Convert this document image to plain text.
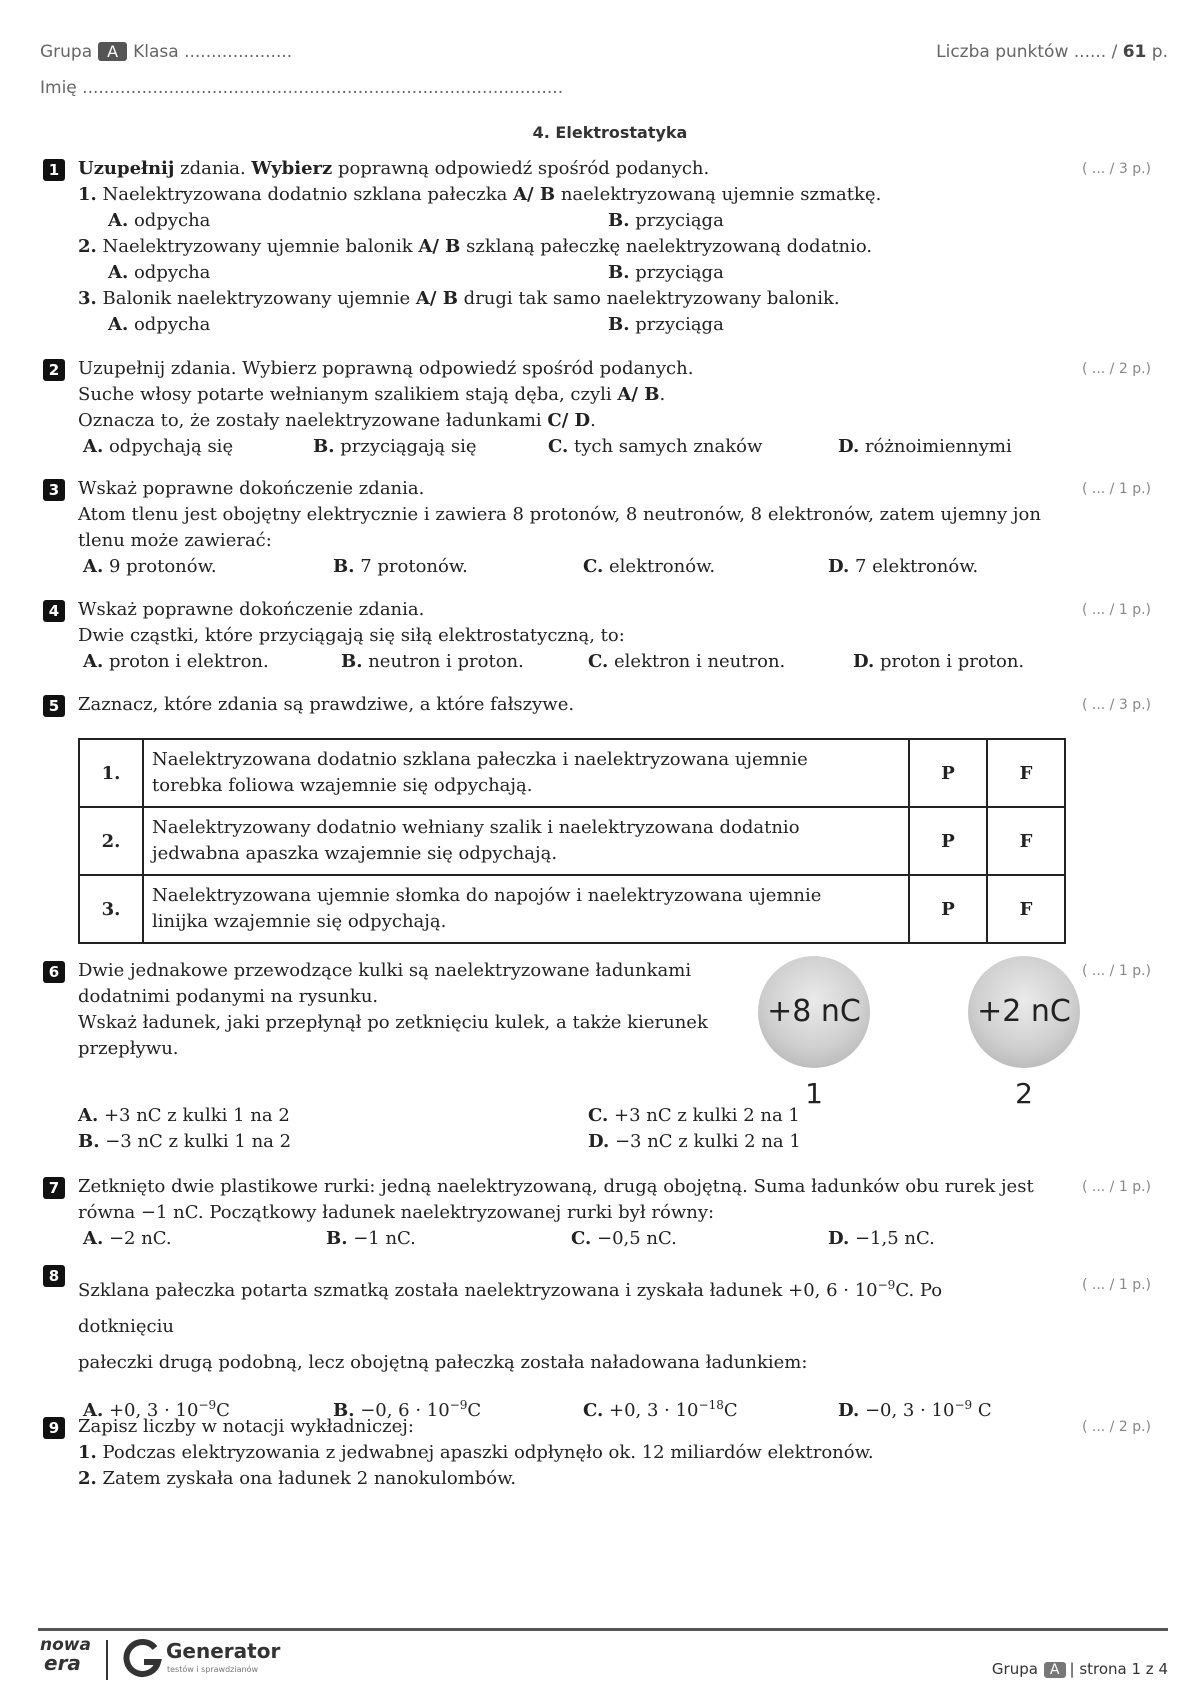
Grupa A Klasa ....................	Liczba punktów ...... / 61 p.
Imię .........................................................................................
4. Elektrostatyka
1	( ... / 3 p.)
Uzupełnij zdania. Wybierz poprawną odpowiedź spośród podanych.
1. Naelektryzowana dodatnio szklana pałeczka A/ B naelektryzowaną ujemnie szmatkę.
A. odpycha	B. przyciąga
2. Naelektryzowany ujemnie balonik A/ B szklaną pałeczkę naelektryzowaną dodatnio.
A. odpycha	B. przyciąga
3. Balonik naelektryzowany ujemnie A/ B drugi tak samo naelektryzowany balonik.
A. odpycha	B. przyciąga
2	( ... / 2 p.)
Uzupełnij zdania. Wybierz poprawną odpowiedź spośród podanych.
Suche włosy potarte wełnianym szalikiem stają dęba, czyli A/ B.
Oznacza to, że zostały naelektryzowane ładunkami C/ D.
A. odpychają się	B. przyciągają się	C. tych samych znaków	D. różnoimiennymi
3	( ... / 1 p.)
Wskaż poprawne dokończenie zdania.
Atom tlenu jest obojętny elektrycznie i zawiera 8 protonów, 8 neutronów, 8 elektronów, zatem ujemny jon
tlenu może zawierać:
A. 9 protonów.	B. 7 protonów.	C. elektronów.	D. 7 elektronów.
4	( ... / 1 p.)
Wskaż poprawne dokończenie zdania.
Dwie cząstki, które przyciągają się siłą elektrostatyczną, to:
A. proton i elektron.	B. neutron i proton.	C. elektron i neutron.	D. proton i proton.
5	( ... / 3 p.)
Zaznacz, które zdania są prawdziwe, a które fałszywe.
1.	Naelektryzowana dodatnio szklana pałeczka i naelektryzowana ujemnie
torebka foliowa wzajemnie się odpychają.	P	F
2.	Naelektryzowany dodatnio wełniany szalik i naelektryzowana dodatnio
jedwabna apaszka wzajemnie się odpychają.	P	F
3.	Naelektryzowana ujemnie słomka do napojów i naelektryzowana ujemnie
linijka wzajemnie się odpychają.	P	F
6	( ... / 1 p.)
Dwie jednakowe przewodzące kulki są naelektryzowane ładunkami
dodatnimi podanymi na rysunku.
Wskaż ładunek, jaki przepłynął po zetknięciu kulek, a także kierunek
przepływu.
+8 nC
1
+2 nC
2
A. +3 nC z kulki 1 na 2	C. +3 nC z kulki 2 na 1
B. −3 nC z kulki 1 na 2	D. −3 nC z kulki 2 na 1
7	( ... / 1 p.)
Zetknięto dwie plastikowe rurki: jedną naelektryzowaną, drugą obojętną. Suma ładunków obu rurek jest
równa −1 nC. Początkowy ładunek naelektryzowanej rurki był równy:
A. −2 nC.	B. −1 nC.	C. −0,5 nC.	D. −1,5 nC.
8	( ... / 1 p.)
Szklana pałeczka potarta szmatką została naelektryzowana i zyskała ładunek +0, $6 \cdot 10^{-9}C$. Po dotknięciu
pałeczki drugą podobną, lecz obojętną pałeczką została naładowana ładunkiem:
A. +0, $3 \cdot 10^{-9}C$	B. −0, $6 \cdot 10^{-9}C$	C. +0, $3 \cdot 10^{-18}C$	D. −0, $3 \cdot 10^{-9}$ C
9	( ... / 2 p.)
Zapisz liczby w notacji wykładniczej:
1. Podczas elektryzowania z jedwabnej apaszki odpłynęło ok. 12 miliardów elektronów.
2. Zatem zyskała ona ładunek 2 nanokulombów.
nowa
era	Generator
testów i sprawdzianów	Grupa A | strona 1 z 4
